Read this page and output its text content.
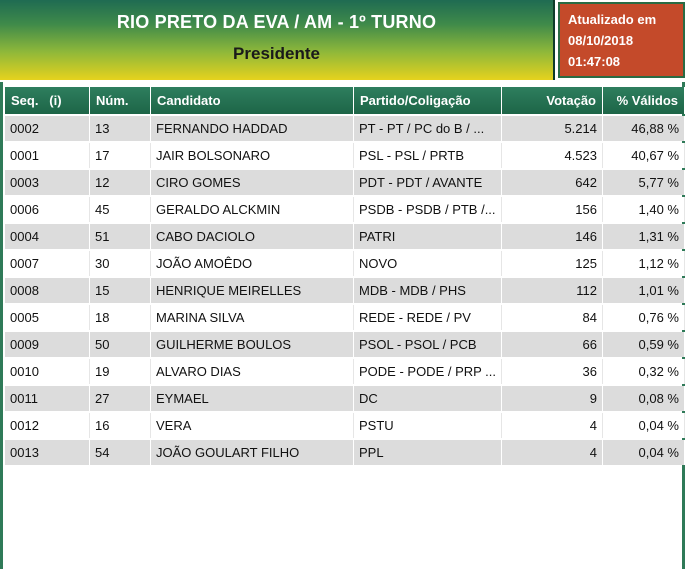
RIO PRETO DA EVA / AM - 1º TURNO
Presidente
Atualizado em
08/10/2018
01:47:08
Seq.   (i)	Núm.	Candidato	Partido/Coligação	Votação	% Válidos
0002	13	FERNANDO HADDAD	PT - PT / PC do B / ...	5.214	46,88 %
0001	17	JAIR BOLSONARO	PSL - PSL / PRTB	4.523	40,67 %
0003	12	CIRO GOMES	PDT - PDT / AVANTE	642	5,77 %
0006	45	GERALDO ALCKMIN	PSDB - PSDB / PTB /...	156	1,40 %
0004	51	CABO DACIOLO	PATRI	146	1,31 %
0007	30	JOÃO AMOÊDO	NOVO	125	1,12 %
0008	15	HENRIQUE MEIRELLES	MDB - MDB / PHS	112	1,01 %
0005	18	MARINA SILVA	REDE - REDE / PV	84	0,76 %
0009	50	GUILHERME BOULOS	PSOL - PSOL / PCB	66	0,59 %
0010	19	ALVARO DIAS	PODE - PODE / PRP ...	36	0,32 %
0011	27	EYMAEL	DC	9	0,08 %
0012	16	VERA	PSTU	4	0,04 %
0013	54	JOÃO GOULART FILHO	PPL	4	0,04 %
